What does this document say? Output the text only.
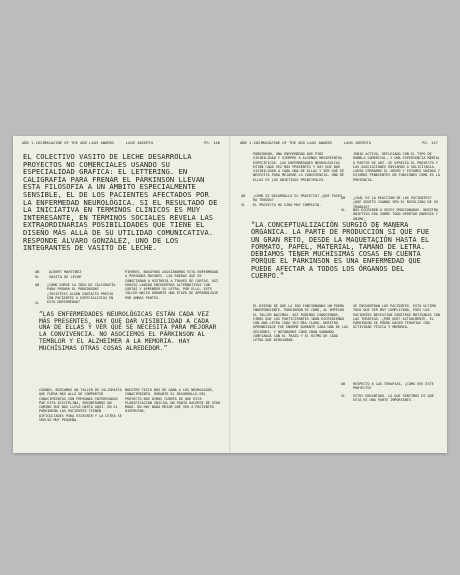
AÑO 1.2021 MAGAZINE OF THE ADG LAUS AWARDS	LAUS ABIERTA	PG. 146
EL COLECTIVO VASITO DE LECHE DESARROLLA PROYECTOS NO COMERCIALES USANDO SU ESPECIALIDAD GRÁFICA: EL LETTERING. EN CALIGRAFÍA PARA FRENAR EL PÁRKINSON LLEVAN ESTA FILOSOFÍA A UN ÁMBITO ESPECIALMENTE SENSIBLE, EL DE LOS PACIENTES AFECTADOS POR LA ENFERMEDAD NEUROLÓGICA. SI EL RESULTADO DE LA INICIATIVA EN TÉRMINOS CLÍNICOS ES MUY INTERESANTE, EN TÉRMINOS SOCIALES REVELA LAS EXTRAORDINARIAS POSIBILIDADES QUE TIENE EL DISEÑO MÁS ALLÁ DE SU UTILIDAD COMUNICATIVA. RESPONDE ÁLVARO GONZÁLEZ, UNO DE LOS INTEGRANTES DE VASITO DE LECHE.
AB	ALBERT MARTINEZ
VL	VASITO DE LECHE
AB ¿CÓMO SURGE LA IDEA DE CALIGRAFÍA PARA FRENAR EL PÁRKINSON? ¿TUVISTEIS ALGÚN CONTACTO PREVIO CON PACIENTES O ESPECIALISTAS EN ESTA ENFERMEDAD?
VL
PIERRES, NOSOTROS ASOCIÁBAMOS ESTA ENFERMEDAD A PERSONAS MAYORES. LAS RUEDAS QUE SE CONECTABAN A HISTORIA A TRAVÉS DE CARTAS. ASÍ SURGIÓ LANZAR ENCUENTROS ALTERNATIVOS CON CARTAS Y APRENDER SU LETRA. POR ELLO, ESTE TALLER NACIÓ DURANTE UNA ETAPA DE APRENDIZAJE POR AMBAS PARTES.
“LAS ENFERMEDADES NEUROLÓGICAS ESTÁN CADA VEZ MÁS PRESENTES, HAY QUE DAR VISIBILIDAD A CADA UNA DE ELLAS Y VER QUÉ SE NECESITA PARA MEJORAR LA CONVIVENCIA. NO ASOCIEMOS EL PÁRKINSON AL TEMBLOR Y EL ALZHEIMER A LA MEMORIA. HAY MUCHÍSIMAS OTRAS COSAS ALREDEDOR.”
CUANDO, BUSCAMOS UN TALLER DE CALIGRAFÍA QUE FUERA MÁS ALLÁ DE COMPARTIR CONOCIMIENTOS CON PERSONAS INTERESADAS POR ESTA DISCIPLINA, ENCONTRAMOS UN CAMINO QUE NOS LLEVÓ HASTA AQUÍ. EN EL PÁRKINSON LOS PACIENTES TIENEN DIFICULTADES PARA ESCRIBIR Y LA LETRA SE VUELVE MUY PEQUEÑA.
NUESTRO TEXTO NOS DE GANA A LOS NEURÓLOGOS, CONOCIMIENTO. DURANTE EL DESARROLLO DEL PROYECTO NOS DIMOS CUENTA DE QUE ESTA PLANIFICACIÓN INICIAL NO PODÍA HACERSE DE OTRO MODO. NO HAY NADA MEJOR QUE VER A PACIENTES DISFRUTAR.
AÑO 1.2021 MAGAZINE OF THE ADG LAUS AWARDS	LAUS ABIERTA	PG. 147
PÁRKINSON, UNA ENFERMEDAD QUE PIDE VISIBILIDAD Y SIEMPRE A ALGUNOS MOVIMIENTOS ESPECÍFICOS. LAS ENFERMEDADES NEUROLÓGICAS ESTÁN CADA VEZ MÁS PRESENTES Y HAY QUE DAR VISIBILIDAD A CADA UNA DE ELLAS Y VER QUÉ SE NECESITA PARA MEJORAR LA CONVIVENCIA. UNO DE ELLOS ES LOS OBJETIVOS PRINCIPALES.
AB ¿CÓMO SE DESARROLLÓ EL PROYECTO? ¿QUÉ FASES HA TENIDO?
VL EL PROYECTO HA SIDO MUY COMPLEJO.
JUNIO ACTIVA, REFLEJADO CON EL TIPO DE RAMBLA COMERCIAL, Y UNA EXPERIENCIA MENTAL A PARTIR DE AHÍ. SE OFRECÍA EL PROYECTO Y LOS ASOCIACIONES ENVIAMOS A SOLICITARLA. LUEGO CERRAMOS EL GRUPO Y ESTAMOS UNIDOS Y ESTAMOS PENDIENTES EN FUNCIONES COMO ES LA PRESENCIA.
AB ¿CUÁL ES LA REACCIÓN DE LOS PACIENTES? ¿QUÉ SENTÍS CUANDO VEN EL RESULTADO DE SU TRABAJO?
VL NOS ESCRIBEN A VECES EMOCIONADOS. NUESTRO OBJETIVO ERA SOBRE TODO APORTAR ENERGÍA Y ÁNIMO.
“LA CONCEPTUALIZACIÓN SURGIÓ DE MANERA ORGÁNICA. LA PARTE DE PRODUCCIÓN SÍ QUE FUE UN GRAN RETO, DESDE LA MAQUETACIÓN HASTA EL FORMATO, PAPEL, MATERIAL, TAMAÑO DE LETRA. DEBÍAMOS TENER MUCHÍSIMAS COSAS EN CUENTA PORQUE EL PÁRKINSON ES UNA ENFERMEDAD QUE PUEDE AFECTAR A TODOS LOS ÓRGANOS DEL CUERPO.”
EL DISEÑO DE QUE LA IDO FUNCIONANDO UN POEMA INDEPENDIENTE. PÁRKINSON ES COMO, AL EMPEZAR EL TALLER NACIMOS. ASÍ PUDIMOS CONOCERNOS, VIMOS QUE LOS PARTICIPANTES IBAN ESCRIBIENDO CON UNA LETRA CADA VEZ MÁS CLARA. NUESTRO APRENDIZAJE FUE ENORME DURANTE CADA UNA DE LAS SESIONES, Y NOTÁBAMOS CÓMO IBAN GANANDO CONFIANZA CON EL TRAZO Y EL RITMO DE CADA LETRA QUE DIBUJABAN.
SE ENCUENTRAN LOS PACIENTES. ESTO ÚLTIMO TUVO QUE SER MUY COMPLICADO, PUES LOS PACIENTES NECESITAN SENTIRSE MOTIVADOS CON LAS TERAPIAS. ¿POR QUÉ? ACTUALMENTE, EL PÁRKINSON SE PUEDE HACER TERAPIAS CON ACTIVIDAD FÍSICA Y MEMORIA.
AB RESPECTO A LAS TERAPIAS, ¿CÓMO VES ESTE PROYECTO?
VL ESTOY ENCANTADO. LO QUE SENTIMOS ES QUE ESTA ES UNA PARTE IMPORTANTE.
